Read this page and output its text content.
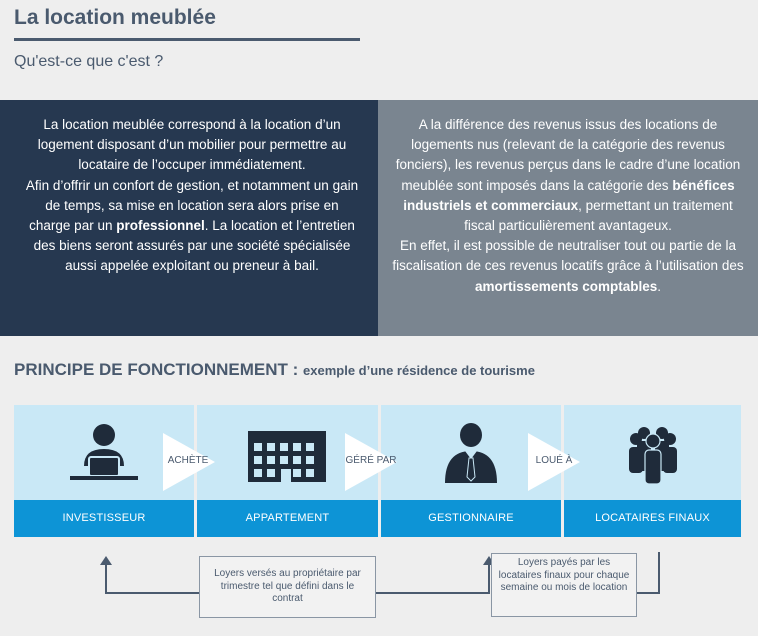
La location meublée
Qu'est-ce que c'est ?

La location meublée correspond à la location d’un logement disposant d’un mobilier pour permettre au locataire de l’occuper immédiatement.

Afin d’offrir un confort de gestion, et notamment un gain de temps, sa mise en location sera alors prise en charge par un professionnel. La location et l’entretien des biens seront assurés par une société spécialisée aussi appelée exploitant ou preneur à bail.

A la différence des revenus issus des locations de logements nus (relevant de la catégorie des revenus fonciers), les revenus perçus dans le cadre d’une location meublée sont imposés dans la catégorie des bénéfices industriels et commerciaux, permettant un traitement fiscal particulièrement avantageux.

En effet, il est possible de neutraliser tout ou partie de la fiscalisation de ces revenus locatifs grâce à l’utilisation des amortissements comptables.

PRINCIPE DE FONCTIONNEMENT : exemple d’une résidence de tourisme
INVESTISSEUR	APPARTEMENT	GESTIONNAIRE	LOCATAIRES FINAUX
ACHÈTE	GÉRÉ PAR	LOUÉ À
Loyers versés au propriétaire par trimestre tel que défini dans le contrat
Loyers payés par les locataires finaux pour chaque semaine ou mois de location
